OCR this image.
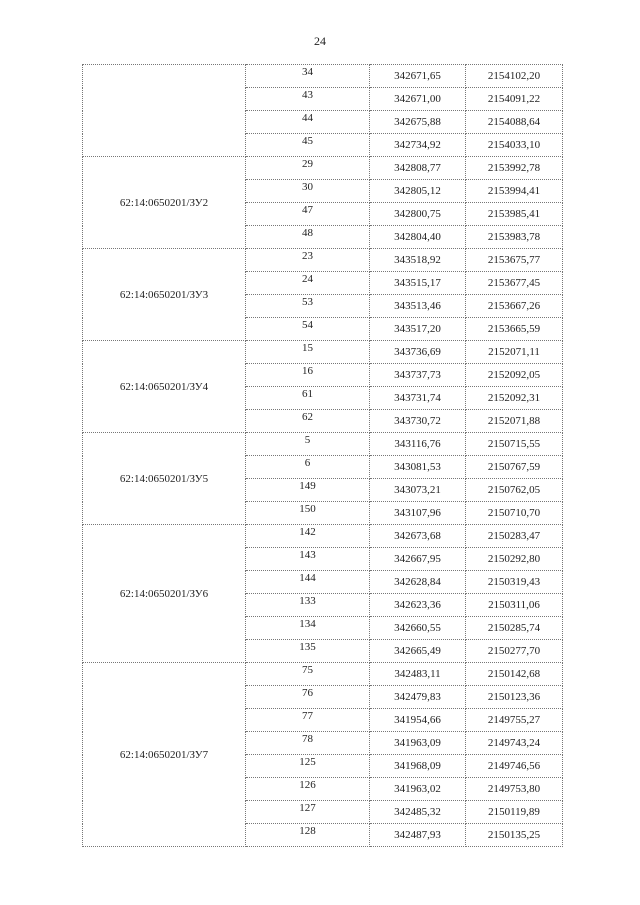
24
	34	342671,65	2154102,20
	43	342671,00	2154091,22
	44	342675,88	2154088,64
	45	342734,92	2154033,10
62:14:0650201/ЗУ2	29	342808,77	2153992,78
	30	342805,12	2153994,41
	47	342800,75	2153985,41
	48	342804,40	2153983,78
62:14:0650201/ЗУ3	23	343518,92	2153675,77
	24	343515,17	2153677,45
	53	343513,46	2153667,26
	54	343517,20	2153665,59
62:14:0650201/ЗУ4	15	343736,69	2152071,11
	16	343737,73	2152092,05
	61	343731,74	2152092,31
	62	343730,72	2152071,88
62:14:0650201/ЗУ5	5	343116,76	2150715,55
	6	343081,53	2150767,59
	149	343073,21	2150762,05
	150	343107,96	2150710,70
62:14:0650201/ЗУ6	142	342673,68	2150283,47
	143	342667,95	2150292,80
	144	342628,84	2150319,43
	133	342623,36	2150311,06
	134	342660,55	2150285,74
	135	342665,49	2150277,70
62:14:0650201/ЗУ7	75	342483,11	2150142,68
	76	342479,83	2150123,36
	77	341954,66	2149755,27
	78	341963,09	2149743,24
	125	341968,09	2149746,56
	126	341963,02	2149753,80
	127	342485,32	2150119,89
	128	342487,93	2150135,25
